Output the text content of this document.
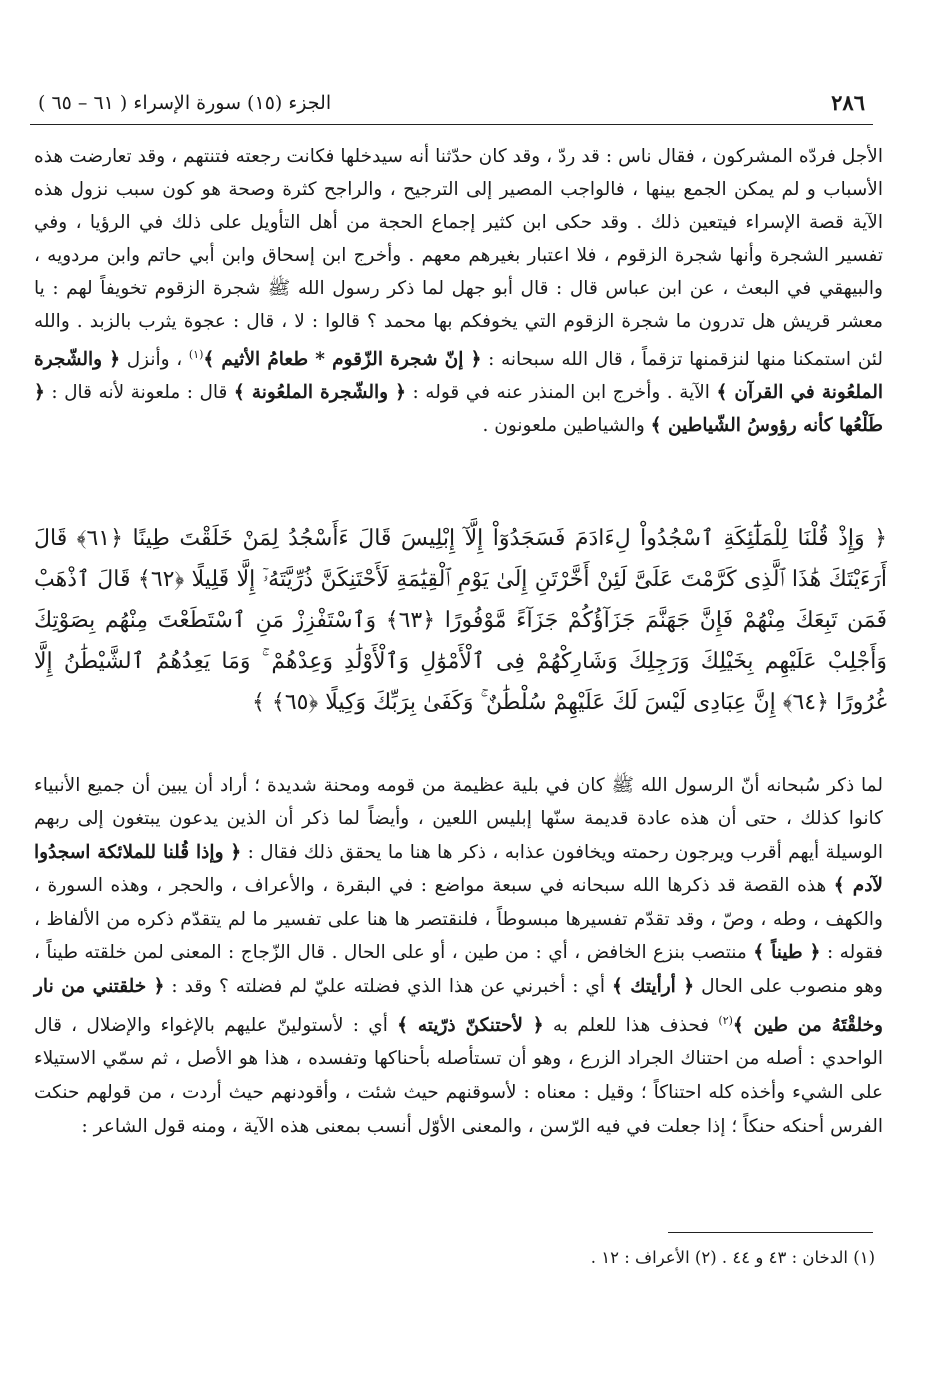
٢٨٦
الجزء (١٥) سورة الإسراء ( ٦١ – ٦٥ )

الأجل فردّه المشركون ، فقال ناس : قد ردّ ، وقد كان حدّثنا أنه سيدخلها فكانت رجعته فتنتهم ، وقد تعارضت هذه الأسباب و لم يمكن الجمع بينها ، فالواجب المصير إلى الترجيح ، والراجح كثرة وصحة هو كون سبب نزول هذه الآية قصة الإسراء فيتعين ذلك . وقد حكى ابن كثير إجماع الحجة من أهل التأويل على ذلك في الرؤيا ، وفي تفسير الشجرة وأنها شجرة الزقوم ، فلا اعتبار بغيرهم معهم . وأخرج ابن إسحاق وابن أبي حاتم وابن مردويه ، والبيهقي في البعث ، عن ابن عباس قال : قال أبو جهل لما ذكر رسول الله ﷺ شجرة الزقوم تخويفاً لهم : يا معشر قريش هل تدرون ما شجرة الزقوم التي يخوفكم بها محمد ؟ قالوا : لا ، قال : عجوة يثرب بالزبد . والله لئن استمكنا منها لنزقمنها تزقماً ، قال الله سبحانه : ﴿ إنّ شجرة الزّقوم * طعامُ الأثيم ﴾$^{(١)}$ ، وأنزل ﴿ والشّجرة الملعُونة في القرآن ﴾ الآية . وأخرج ابن المنذر عنه في قوله : ﴿ والشّجرة الملعُونة ﴾ قال : ملعونة لأنه قال : ﴿ طَلْعُها كأنه رؤوسُ الشّياطين ﴾ والشياطين ملعونون .

﴿ وَإِذْ قُلْنَا لِلْمَلَٰٓئِكَةِ ٱسْجُدُواْ لِءَادَمَ فَسَجَدُوٓاْ إِلَّآ إِبْلِيسَ قَالَ ءَأَسْجُدُ لِمَنْ خَلَقْتَ طِينًا ﴿٦١﴾ قَالَ أَرَءَيْتَكَ هَٰذَا ٱلَّذِى كَرَّمْتَ عَلَىَّ لَئِنْ أَخَّرْتَنِ إِلَىٰ يَوْمِ ٱلْقِيَٰمَةِ لَأَحْتَنِكَنَّ ذُرِّيَّتَهُۥٓ إِلَّا قَلِيلًا ﴿٦٢﴾ قَالَ ٱذْهَبْ فَمَن تَبِعَكَ مِنْهُمْ فَإِنَّ جَهَنَّمَ جَزَآؤُكُمْ جَزَآءً مَّوْفُورًا ﴿٦٣﴾ وَٱسْتَفْزِزْ مَنِ ٱسْتَطَعْتَ مِنْهُم بِصَوْتِكَ وَأَجْلِبْ عَلَيْهِم بِخَيْلِكَ وَرَجِلِكَ وَشَارِكْهُمْ فِى ٱلْأَمْوَٰلِ وَٱلْأَوْلَٰدِ وَعِدْهُمْ ۚ وَمَا يَعِدُهُمُ ٱلشَّيْطَٰنُ إِلَّا غُرُورًا ﴿٦٤﴾ إِنَّ عِبَادِى لَيْسَ لَكَ عَلَيْهِمْ سُلْطَٰنٌ ۚ وَكَفَىٰ بِرَبِّكَ وَكِيلًا ﴿٦٥﴾ ﴾

لما ذكر سُبحانه أنّ الرسول الله ﷺ كان في بلية عظيمة من قومه ومحنة شديدة ؛ أراد أن يبين أن جميع الأنبياء كانوا كذلك ، حتى أن هذه عادة قديمة سنّها إبليس اللعين ، وأيضاً لما ذكر أن الذين يدعون يبتغون إلى ربهم الوسيلة أيهم أقرب ويرجون رحمته ويخافون عذابه ، ذكر ها هنا ما يحقق ذلك فقال : ﴿ وإذا قُلنا للملائكة اسجدُوا لآدم ﴾ هذه القصة قد ذكرها الله سبحانه في سبعة مواضع : في البقرة ، والأعراف ، والحجر ، وهذه السورة ، والكهف ، وطه ، وصّ ، وقد تقدّم تفسيرها مبسوطاً ، فلنقتصر ها هنا على تفسير ما لم يتقدّم ذكره من الألفاظ ، فقوله : ﴿ طيناً ﴾ منتصب بنزع الخافض ، أي : من طين ، أو على الحال . قال الزّجاج : المعنى لمن خلقته طيناً ، وهو منصوب على الحال ﴿ أرأيتك ﴾ أي : أخبرني عن هذا الذي فضلته عليّ لم فضلته ؟ وقد : ﴿ خلقتني من نار وخلقْتَهُ من طين ﴾$^{(٢)}$ فحذف هذا للعلم به ﴿ لأحتنكنّ ذرّيته ﴾ أي : لأستولينّ عليهم بالإغواء والإضلال ، قال الواحدي : أصله من احتناك الجراد الزرع ، وهو أن تستأصله بأحناكها وتفسده ، هذا هو الأصل ، ثم سمّي الاستيلاء على الشيء وأخذه كله احتناكاً ؛ وقيل : معناه : لأسوقنهم حيث شئت ، وأقودنهم حيث أردت ، من قولهم حنكت الفرس أحنكه حنكاً ؛ إذا جعلت في فيه الرّسن ، والمعنى الأوّل أنسب بمعنى هذه الآية ، ومنه قول الشاعر :

(١) الدخان : ٤٣ و ٤٤ . (٢) الأعراف : ١٢ .
